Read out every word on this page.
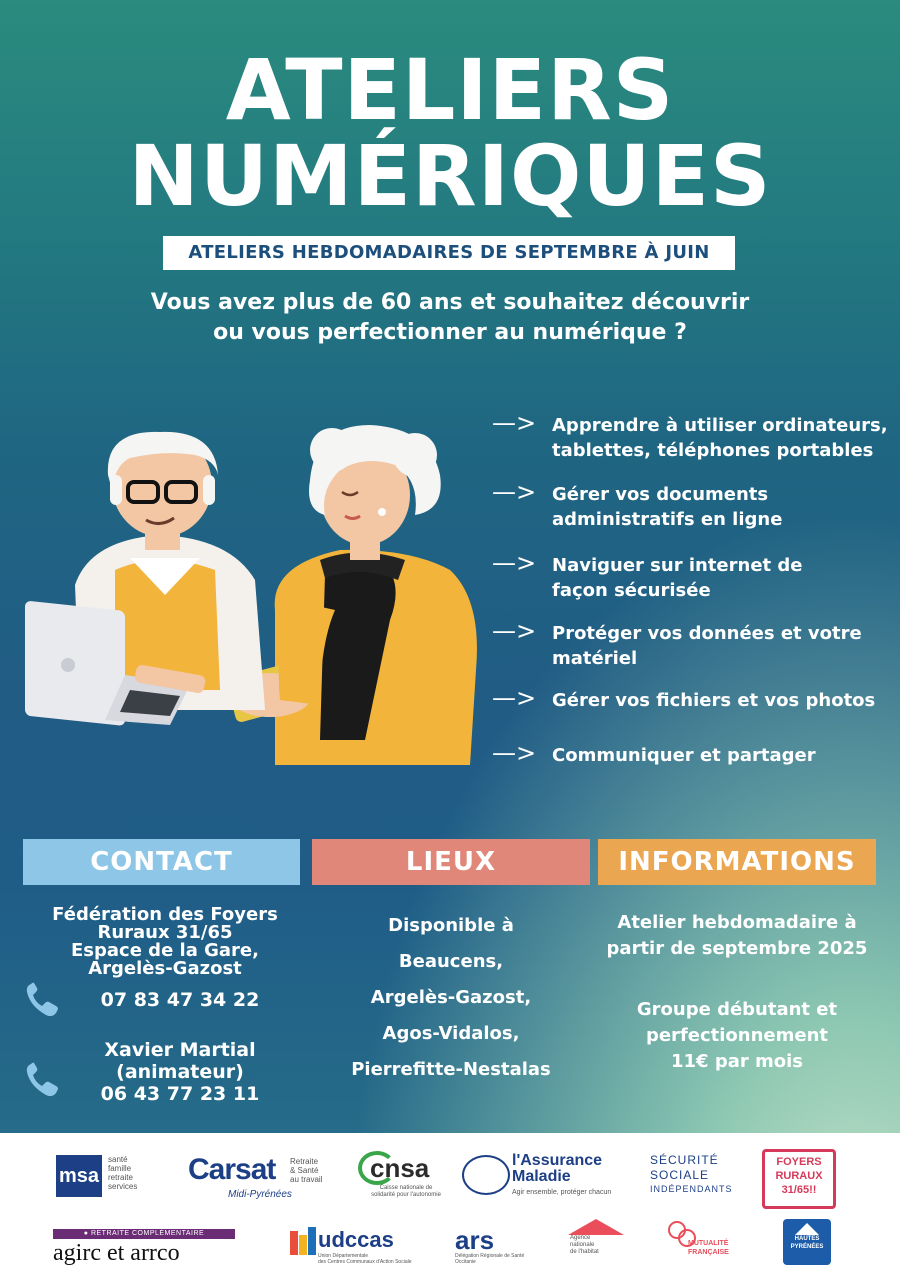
ATELIERS
NUMÉRIQUES
ATELIERS HEBDOMADAIRES DE SEPTEMBRE À JUIN
Vous avez plus de 60 ans et souhaitez découvrir
ou vous perfectionner au numérique ?
—> Apprendre à utiliser ordinateurs,
tablettes, téléphones portables
—> Gérer vos documents
administratifs en ligne
—> Naviguer sur internet de
façon sécurisée
—> Protéger vos données et votre
matériel
—> Gérer vos fichiers et vos photos
—> Communiquer et partager
CONTACT	LIEUX	INFORMATIONS

Fédération des Foyers

Ruraux 31/65

Espace de la Gare,

Argelès-Gazost

07 83 47 34 22

Xavier Martial

(animateur)

06 43 77 23 11

Disponible à

Beaucens,

Argelès-Gazost,

Agos-Vidalos,

Pierrefitte-Nestalas

Atelier hebdomadaire à

partir de septembre 2025

Groupe débutant et

perfectionnement

11€ par mois

msa
santé
famille
retraite
services
Carsat Retraite
& Santé
au travail
Midi-Pyrénées
cnsa
Caisse nationale de
solidarité pour l'autonomie
l'Assurance
Maladie
Agir ensemble, protéger chacun
SÉCURITÉ
SOCIALE
INDÉPENDANTS
FOYERS
RURAUX
31/65!!
● RETRAITE COMPLÉMENTAIRE
agirc et arrco
udccas
Union Départementale
des Centres Communaux d'Action Sociale
ars
Délégation Régionale de Santé
Occitanie
Agence
nationale
de l'habitat
MUTUALITÉ
FRANÇAISE
HAUTES
PYRÉNÉES
